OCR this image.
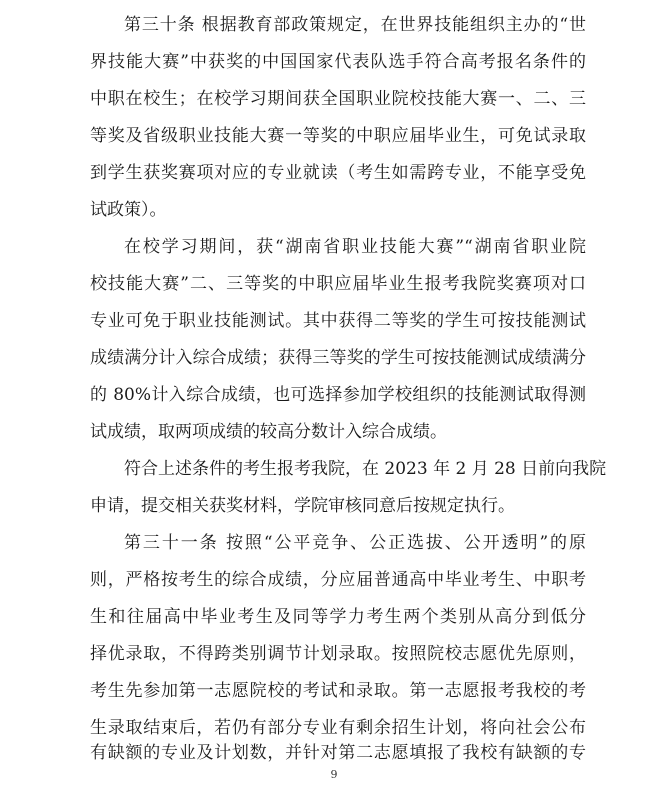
第三十条 根据教育部政策规定，在世界技能组织主办的“世
界技能大赛”中获奖的中国国家代表队选手符合高考报名条件的
中职在校生；在校学习期间获全国职业院校技能大赛一、二、三
等奖及省级职业技能大赛一等奖的中职应届毕业生，可免试录取
到学生获奖赛项对应的专业就读（考生如需跨专业，不能享受免
试政策）。
在校学习期间，获“湖南省职业技能大赛”“湖南省职业院
校技能大赛”二、三等奖的中职应届毕业生报考我院奖赛项对口
专业可免于职业技能测试。其中获得二等奖的学生可按技能测试
成绩满分计入综合成绩；获得三等奖的学生可按技能测试成绩满分
的 80%计入综合成绩，也可选择参加学校组织的技能测试取得测
试成绩，取两项成绩的较高分数计入综合成绩。
符合上述条件的考生报考我院，在 2023 年 2 月 28 日前向我院
申请，提交相关获奖材料，学院审核同意后按规定执行。
第三十一条 按照“公平竞争、公正选拔、公开透明”的原
则，严格按考生的综合成绩，分应届普通高中毕业考生、中职考
生和往届高中毕业考生及同等学力考生两个类别从高分到低分
择优录取，不得跨类别调节计划录取。按照院校志愿优先原则，
考生先参加第一志愿院校的考试和录取。第一志愿报考我校的考
生录取结束后，若仍有部分专业有剩余招生计划，将向社会公布
有缺额的专业及计划数，并针对第二志愿填报了我校有缺额的专
9
